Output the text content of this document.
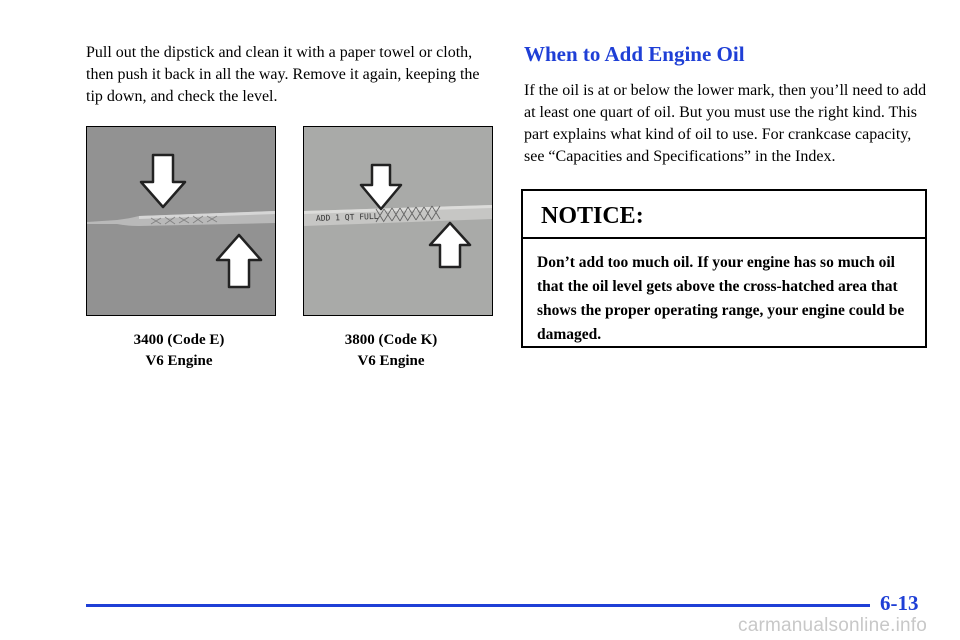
Pull out the dipstick and clean it with a paper towel or cloth, then push it back in all the way. Remove it again, keeping the tip down, and check the level.

3400 (Code E)
V6 Engine
ADD 1 QT FULL
3800 (Code K)
V6 Engine
When to Add Engine Oil

If the oil is at or below the lower mark, then you’ll need to add at least one quart of oil. But you must use the right kind. This part explains what kind of oil to use. For crankcase capacity, see “Capacities and Specifications” in the Index.

NOTICE:
Don’t add too much oil. If your engine has so much oil that the oil level gets above the cross-hatched area that shows the proper operating range, your engine could be damaged.
6-13
carmanualsonline.info
